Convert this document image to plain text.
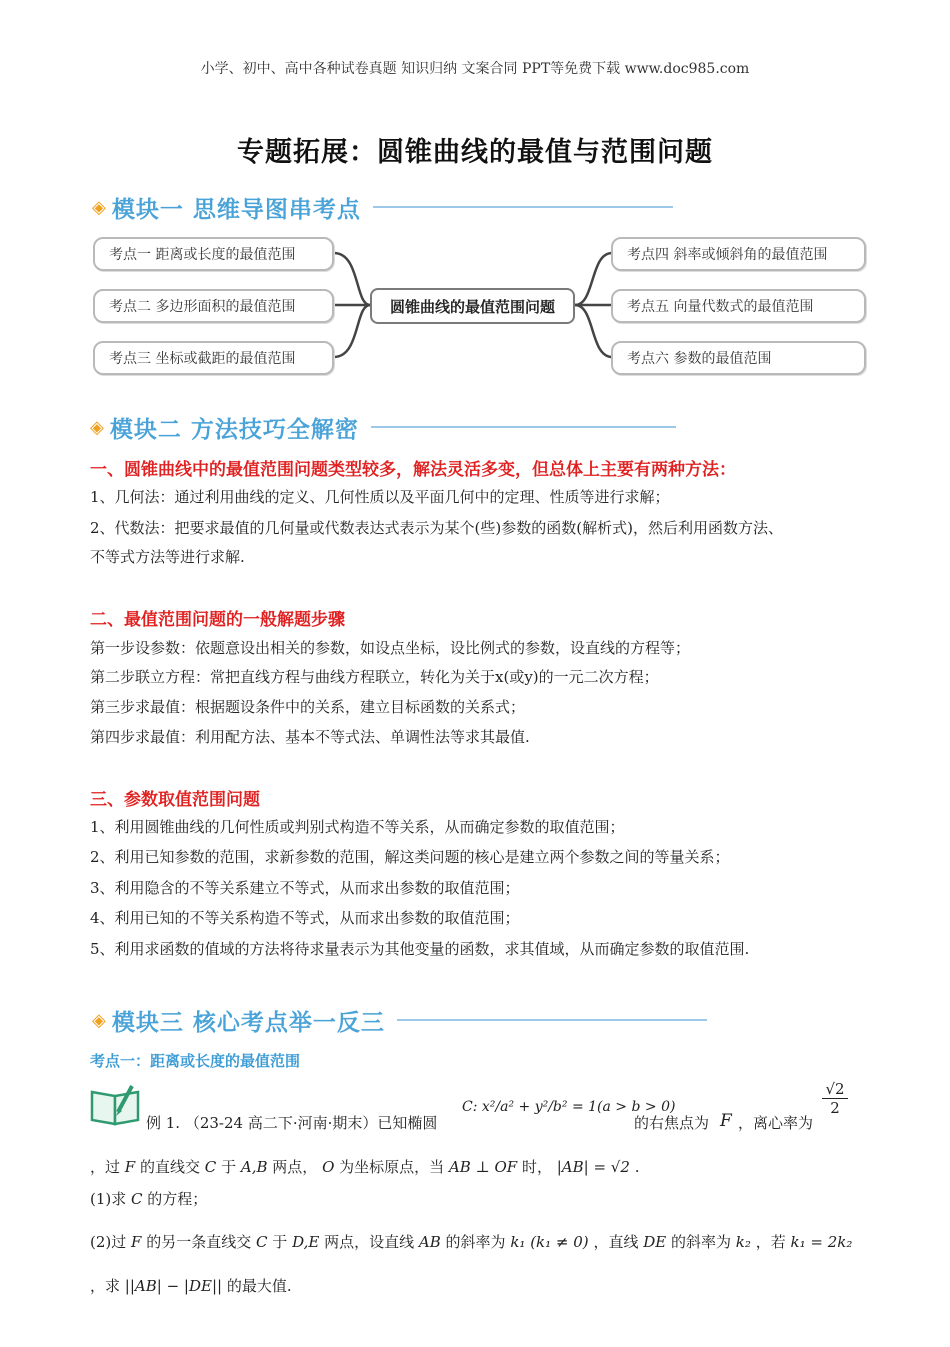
小学、初中、高中各种试卷真题 知识归纳 文案合同 PPT等免费下载 www.doc985.com
专题拓展：圆锥曲线的最值与范围问题
◈ 模块一 思维导图串考点
考点一 距离或长度的最值范围
考点二 多边形面积的最值范围
考点三 坐标或截距的最值范围
圆锥曲线的最值范围问题
考点四 斜率或倾斜角的最值范围
考点五 向量代数式的最值范围
考点六 参数的最值范围
◈ 模块二 方法技巧全解密
一、圆锥曲线中的最值范围问题类型较多，解法灵活多变，但总体上主要有两种方法：
1、几何法：通过利用曲线的定义、几何性质以及平面几何中的定理、性质等进行求解；
2、代数法：把要求最值的几何量或代数表达式表示为某个(些)参数的函数(解析式)，然后利用函数方法、
不等式方法等进行求解.
二、最值范围问题的一般解题步骤
第一步设参数：依题意设出相关的参数，如设点坐标，设比例式的参数，设直线的方程等；
第二步联立方程：常把直线方程与曲线方程联立，转化为关于x(或y)的一元二次方程；
第三步求最值：根据题设条件中的关系，建立目标函数的关系式；
第四步求最值：利用配方法、基本不等式法、单调性法等求其最值.
三、参数取值范围问题
1、利用圆锥曲线的几何性质或判别式构造不等关系，从而确定参数的取值范围；
2、利用已知参数的范围，求新参数的范围，解这类问题的核心是建立两个参数之间的等量关系；
3、利用隐含的不等关系建立不等式，从而求出参数的取值范围；
4、利用已知的不等关系构造不等式，从而求出参数的取值范围；
5、利用求函数的值域的方法将待求量表示为其他变量的函数，求其值域，从而确定参数的取值范围.
◈ 模块三 核心考点举一反三
考点一：距离或长度的最值范围
例 1. （23-24 高二下·河南·期末）已知椭圆
C: x²/a² + y²/b² = 1(a > b > 0)
的右焦点为 F ，离心率为
$\frac{√2}{2}$
，过 F 的直线交 C 于 A,B 两点， O 为坐标原点，当 AB ⊥ OF 时， |AB| = √2 .
(1)求 C 的方程；
(2)过 F 的另一条直线交 C 于 D,E 两点，设直线 AB 的斜率为 k₁ (k₁ ≠ 0) ，直线 DE 的斜率为 k₂ ，若 k₁ = 2k₂
，求 ||AB| − |DE|| 的最大值.
